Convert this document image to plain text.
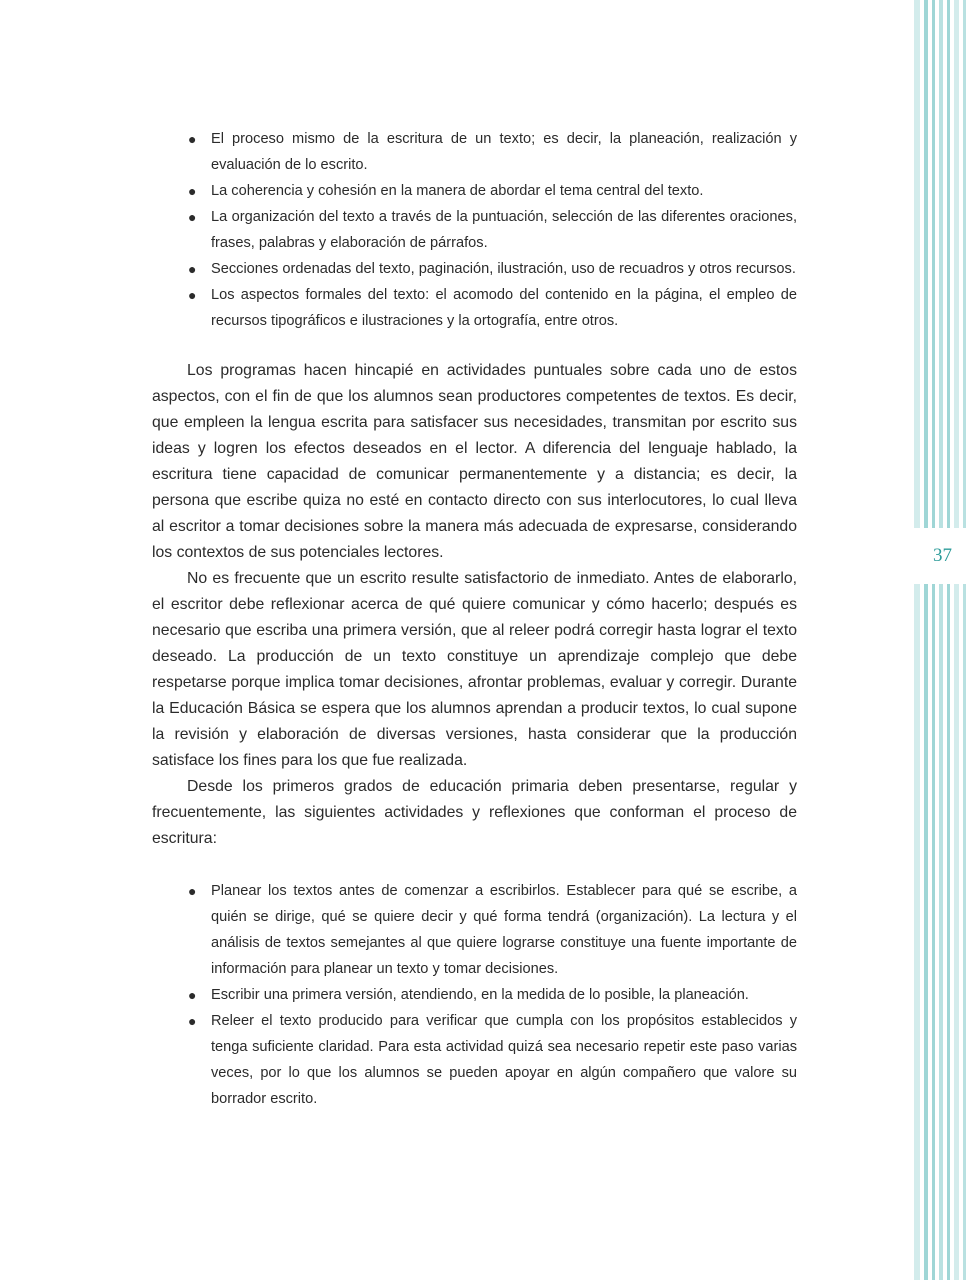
● El proceso mismo de la escritura de un texto; es decir, la planeación, realización y evaluación de lo escrito.
● La coherencia y cohesión en la manera de abordar el tema central del texto.
● La organización del texto a través de la puntuación, selección de las diferentes oraciones, frases, palabras y elaboración de párrafos.
● Secciones ordenadas del texto, paginación, ilustración, uso de recuadros y otros recursos.
● Los aspectos formales del texto: el acomodo del contenido en la página, el empleo de recursos tipográficos e ilustraciones y la ortografía, entre otros.

Los programas hacen hincapié en actividades puntuales sobre cada uno de estos aspectos, con el fin de que los alumnos sean productores competentes de textos. Es decir, que empleen la lengua escrita para satisfacer sus necesidades, transmitan por escrito sus ideas y logren los efectos deseados en el lector. A diferencia del lenguaje hablado, la escritura tiene capacidad de comunicar permanentemente y a distancia; es decir, la persona que escribe quiza no esté en contacto directo con sus interlocutores, lo cual lleva al escritor a tomar decisiones sobre la manera más adecuada de expresarse, considerando los contextos de sus potenciales lectores.

No es frecuente que un escrito resulte satisfactorio de inmediato. Antes de elaborarlo, el escritor debe reflexionar acerca de qué quiere comunicar y cómo hacerlo; después es necesario que escriba una primera versión, que al releer podrá corregir hasta lograr el texto deseado. La producción de un texto constituye un aprendizaje complejo que debe respetarse porque implica tomar decisiones, afrontar problemas, evaluar y corregir. Durante la Educación Básica se espera que los alumnos aprendan a producir textos, lo cual supone la revisión y elaboración de diversas versiones, hasta considerar que la producción satisface los fines para los que fue realizada.

Desde los primeros grados de educación primaria deben presentarse, regular y frecuentemente, las siguientes actividades y reflexiones que conforman el proceso de escritura:

● Planear los textos antes de comenzar a escribirlos. Establecer para qué se escribe, a quién se dirige, qué se quiere decir y qué forma tendrá (organización). La lectura y el análisis de textos semejantes al que quiere lograrse constituye una fuente importante de información para planear un texto y tomar decisiones.
● Escribir una primera versión, atendiendo, en la medida de lo posible, la planeación.
● Releer el texto producido para verificar que cumpla con los propósitos establecidos y tenga suficiente claridad. Para esta actividad quizá sea necesario repetir este paso varias veces, por lo que los alumnos se pueden apoyar en algún compañero que valore su borrador escrito.
37
